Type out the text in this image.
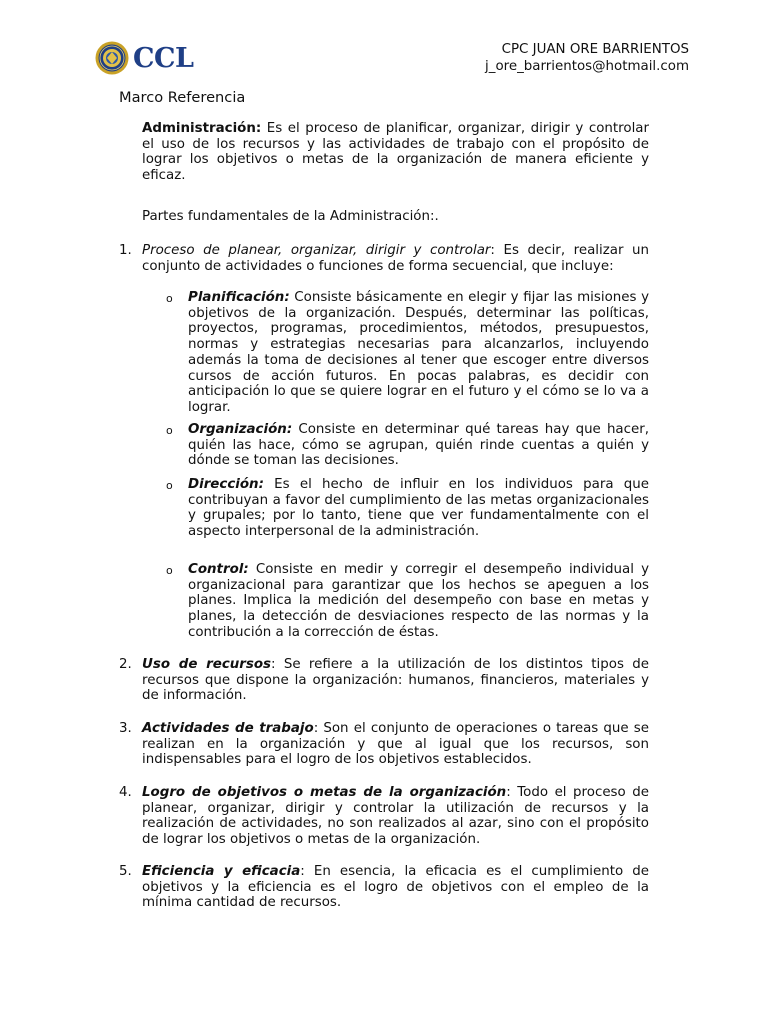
CCL	CPC JUAN ORE BARRIENTOS
j_ore_barrientos@hotmail.com
Marco Referencia
Administración: Es el proceso de planificar, organizar, dirigir y controlar el uso de los recursos y las actividades de trabajo con el propósito de lograr los objetivos o metas de la organización de manera eficiente y eficaz.
Partes fundamentales de la Administración:.
1. Proceso de planear, organizar, dirigir y controlar: Es decir, realizar un conjunto de actividades o funciones de forma secuencial, que incluye:
o Planificación: Consiste básicamente en elegir y fijar las misiones y objetivos de la organización. Después, determinar las políticas, proyectos, programas, procedimientos, métodos, presupuestos, normas y estrategias necesarias para alcanzarlos, incluyendo además la toma de decisiones al tener que escoger entre diversos cursos de acción futuros. En pocas palabras, es decidir con anticipación lo que se quiere lograr en el futuro y el cómo se lo va a lograr.
o Organización: Consiste en determinar qué tareas hay que hacer, quién las hace, cómo se agrupan, quién rinde cuentas a quién y dónde se toman las decisiones.
o Dirección: Es el hecho de influir en los individuos para que contribuyan a favor del cumplimiento de las metas organizacionales y grupales; por lo tanto, tiene que ver fundamentalmente con el aspecto interpersonal de la administración.
o Control: Consiste en medir y corregir el desempeño individual y organizacional para garantizar que los hechos se apeguen a los planes. Implica la medición del desempeño con base en metas y planes, la detección de desviaciones respecto de las normas y la contribución a la corrección de éstas.
2. Uso de recursos: Se refiere a la utilización de los distintos tipos de recursos que dispone la organización: humanos, financieros, materiales y de información.
3. Actividades de trabajo: Son el conjunto de operaciones o tareas que se realizan en la organización y que al igual que los recursos, son indispensables para el logro de los objetivos establecidos.
4. Logro de objetivos o metas de la organización: Todo el proceso de planear, organizar, dirigir y controlar la utilización de recursos y la realización de actividades, no son realizados al azar, sino con el propósito de lograr los objetivos o metas de la organización.
5. Eficiencia y eficacia: En esencia, la eficacia es el cumplimiento de objetivos y la eficiencia es el logro de objetivos con el empleo de la mínima cantidad de recursos.
